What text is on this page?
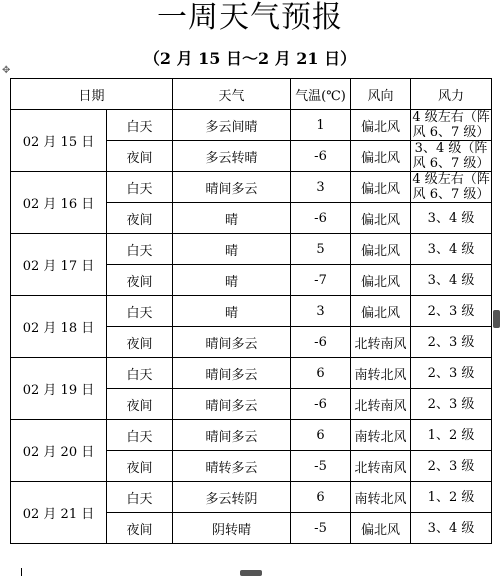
一周天气预报
（2 月 15 日～2 月 21 日）
✥
日期		天气	气温(℃)	风向	风力
02 月 15 日	白天	多云间晴	1	偏北风	4 级左右（阵风 6、7 级）
	夜间	多云转晴	-6	偏北风	3、4 级（阵风 6、7 级）
02 月 16 日	白天	晴间多云	3	偏北风	4 级左右（阵风 6、7 级）
	夜间	晴	-6	偏北风	3、4 级
02 月 17 日	白天	晴	5	偏北风	3、4 级
	夜间	晴	-7	偏北风	3、4 级
02 月 18 日	白天	晴	3	偏北风	2、3 级
	夜间	晴间多云	-6	北转南风	2、3 级
02 月 19 日	白天	晴间多云	6	南转北风	2、3 级
	夜间	晴间多云	-6	北转南风	2、3 级
02 月 20 日	白天	晴间多云	6	南转北风	1、2 级
	夜间	晴转多云	-5	北转南风	2、3 级
02 月 21 日	白天	多云转阴	6	南转北风	1、2 级
	夜间	阴转晴	-5	偏北风	3、4 级
